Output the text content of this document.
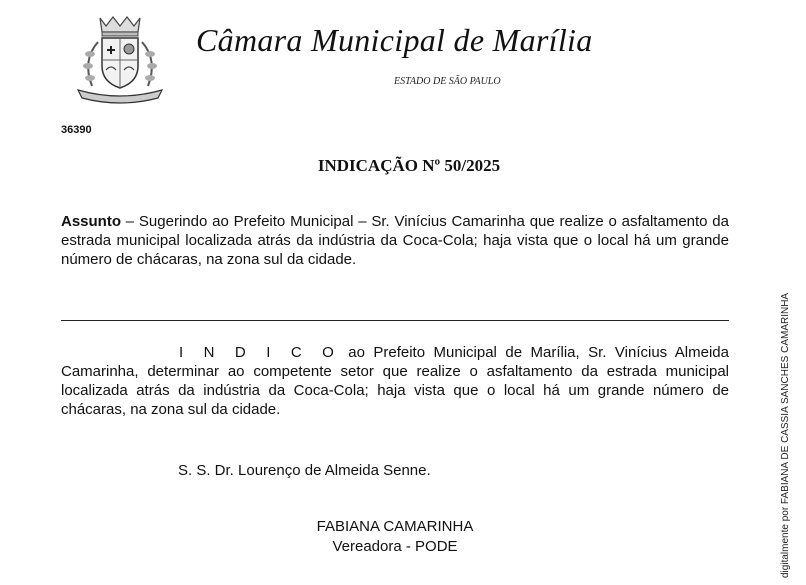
Câmara Municipal de Marília
ESTADO DE SÃO PAULO
36390
INDICAÇÃO Nº 50/2025
Assunto – Sugerindo ao Prefeito Municipal – Sr. Vinícius Camarinha que realize o asfaltamento da estrada municipal localizada atrás da indústria da Coca-Cola; haja vista que o local há um grande número de chácaras, na zona sul da cidade.
I N D I C O ao Prefeito Municipal de Marília, Sr. Vinícius Almeida Camarinha, determinar ao competente setor que realize o asfaltamento da estrada municipal localizada atrás da indústria da Coca-Cola; haja vista que o local há um grande número de chácaras, na zona sul da cidade.
S. S. Dr. Lourenço de Almeida Senne.
FABIANA CAMARINHA
Vereadora - PODE	digitalmente por FABIANA DE CASSIA SANCHES CAMARINHA
